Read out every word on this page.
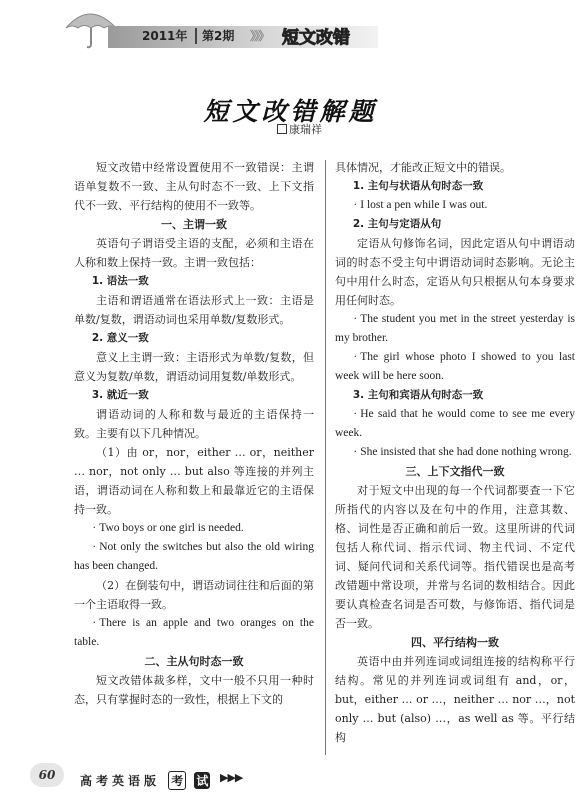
2011年 第2期 》》》 短文改错
短文改错解题
康瑞祥

短文改错中经常设置使用不一致错误：主谓语单复数不一致、主从句时态不一致、上下文指代不一致、平行结构的使用不一致等。

一、主谓一致

英语句子谓语受主语的支配，必须和主语在人称和数上保持一致。主谓一致包括：

1. 语法一致

主语和谓语通常在语法形式上一致：主语是单数/复数，谓语动词也采用单数/复数形式。

2. 意义一致

意义上主谓一致：主语形式为单数/复数，但意义为复数/单数，谓语动词用复数/单数形式。

3. 就近一致

谓语动词的人称和数与最近的主语保持一致。主要有以下几种情况。

（1）由 or，nor，either … or，neither … nor，not only … but also 等连接的并列主语，谓语动词在人称和数上和最靠近它的主语保持一致。

· Two boys or one girl is needed.

· Not only the switches but also the old wiring has been changed.

（2）在倒装句中，谓语动词往往和后面的第一个主语取得一致。

· There is an apple and two oranges on the table.

二、主从句时态一致

短文改错体裁多样，文中一般不只用一种时态，只有掌握时态的一致性，根据上下文的

具体情况，才能改正短文中的错误。

1. 主句与状语从句时态一致

· I lost a pen while I was out.

2. 主句与定语从句

定语从句修饰名词，因此定语从句中谓语动词的时态不受主句中谓语动词时态影响。无论主句中用什么时态，定语从句只根据从句本身要求用任何时态。

· The student you met in the street yesterday is my brother.

· The girl whose photo I showed to you last week will be here soon.

3. 主句和宾语从句时态一致

· He said that he would come to see me every week.

· She insisted that she had done nothing wrong.

三、上下文指代一致

对于短文中出现的每一个代词都要查一下它所指代的内容以及在句中的作用，注意其数、格、词性是否正确和前后一致。这里所讲的代词包括人称代词、指示代词、物主代词、不定代词、疑问代词和关系代词等。指代错误也是高考改错题中常设项，并常与名词的数相结合。因此要认真检查名词是否可数，与修饰语、指代词是否一致。

四、平行结构一致

英语中由并列连词或词组连接的结构称平行结构。常见的并列连词或词组有 and，or，but，either … or …，neither … nor …，not only … but (also) …，as well as 等。平行结构

60	高考英语版 考 试 ▶▶▶
